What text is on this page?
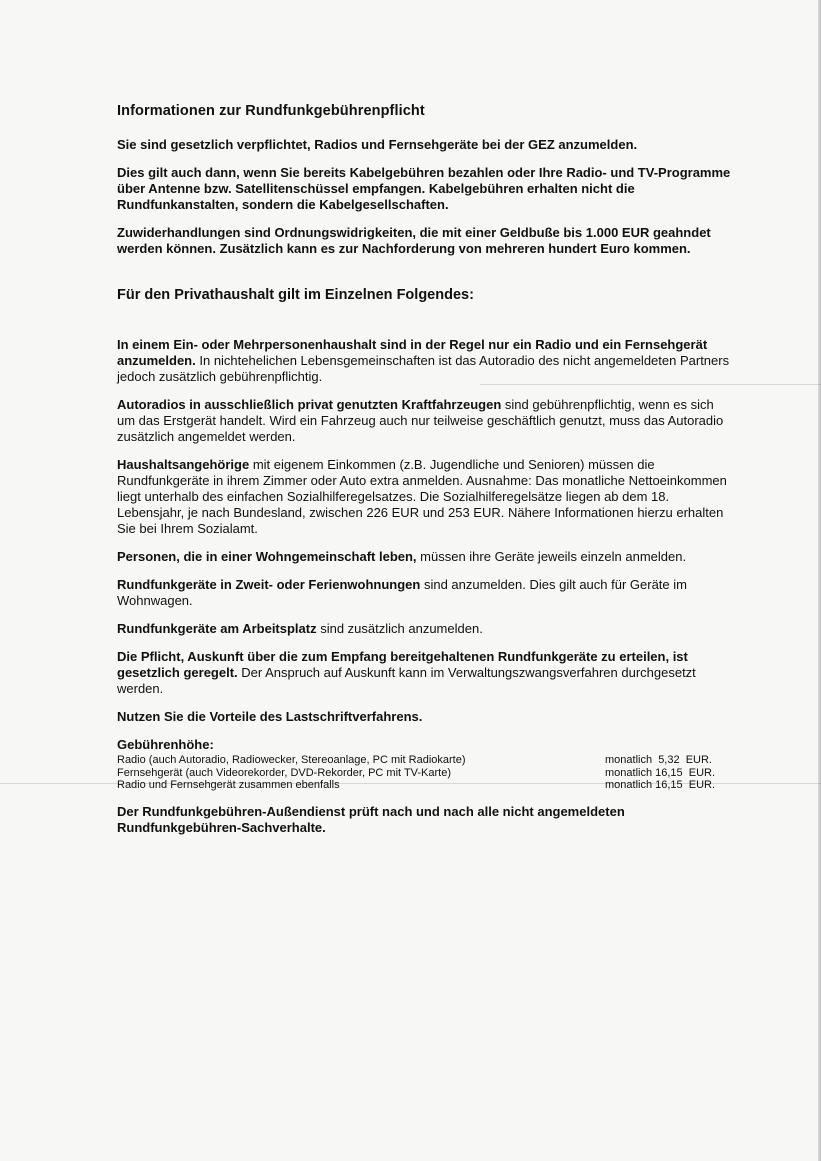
Informationen zur Rundfunkgebührenpflicht
Sie sind gesetzlich verpflichtet, Radios und Fernsehgeräte bei der GEZ anzumelden.
Dies gilt auch dann, wenn Sie bereits Kabelgebühren bezahlen oder Ihre Radio- und TV-Programme über Antenne bzw. Satellitenschüssel empfangen. Kabelgebühren erhalten nicht die Rundfunkanstalten, sondern die Kabelgesellschaften.
Zuwiderhandlungen sind Ordnungswidrigkeiten, die mit einer Geldbuße bis 1.000 EUR geahndet werden können. Zusätzlich kann es zur Nachforderung von mehreren hundert Euro kommen.
Für den Privathaushalt gilt im Einzelnen Folgendes:
In einem Ein- oder Mehrpersonenhaushalt sind in der Regel nur ein Radio und ein Fernsehgerät anzumelden. In nichtehelichen Lebensgemeinschaften ist das Autoradio des nicht angemeldeten Partners jedoch zusätzlich gebührenpflichtig.
Autoradios in ausschließlich privat genutzten Kraftfahrzeugen sind gebührenpflichtig, wenn es sich um das Erstgerät handelt. Wird ein Fahrzeug auch nur teilweise geschäftlich genutzt, muss das Autoradio zusätzlich angemeldet werden.
Haushaltsangehörige mit eigenem Einkommen (z.B. Jugendliche und Senioren) müssen die Rundfunkgeräte in ihrem Zimmer oder Auto extra anmelden. Ausnahme: Das monatliche Nettoeinkommen liegt unterhalb des einfachen Sozialhilferegelsatzes. Die Sozialhilferegelsätze liegen ab dem 18. Lebensjahr, je nach Bundesland, zwischen 226 EUR und 253 EUR. Nähere Informationen hierzu erhalten Sie bei Ihrem Sozialamt.
Personen, die in einer Wohngemeinschaft leben, müssen ihre Geräte jeweils einzeln anmelden.
Rundfunkgeräte in Zweit- oder Ferienwohnungen sind anzumelden. Dies gilt auch für Geräte im Wohnwagen.
Rundfunkgeräte am Arbeitsplatz sind zusätzlich anzumelden.
Die Pflicht, Auskunft über die zum Empfang bereitgehaltenen Rundfunkgeräte zu erteilen, ist gesetzlich geregelt. Der Anspruch auf Auskunft kann im Verwaltungszwangsverfahren durchgesetzt werden.
Nutzen Sie die Vorteile des Lastschriftverfahrens.
Gebührenhöhe:
Radio (auch Autoradio, Radiowecker, Stereoanlage, PC mit Radiokarte)	monatlich  5,32  EUR.
Fernsehgerät (auch Videorekorder, DVD-Rekorder, PC mit TV-Karte)	monatlich 16,15  EUR.
Radio und Fernsehgerät zusammen ebenfalls	monatlich 16,15  EUR.
Der Rundfunkgebühren-Außendienst prüft nach und nach alle nicht angemeldeten Rundfunkgebühren-Sachverhalte.
